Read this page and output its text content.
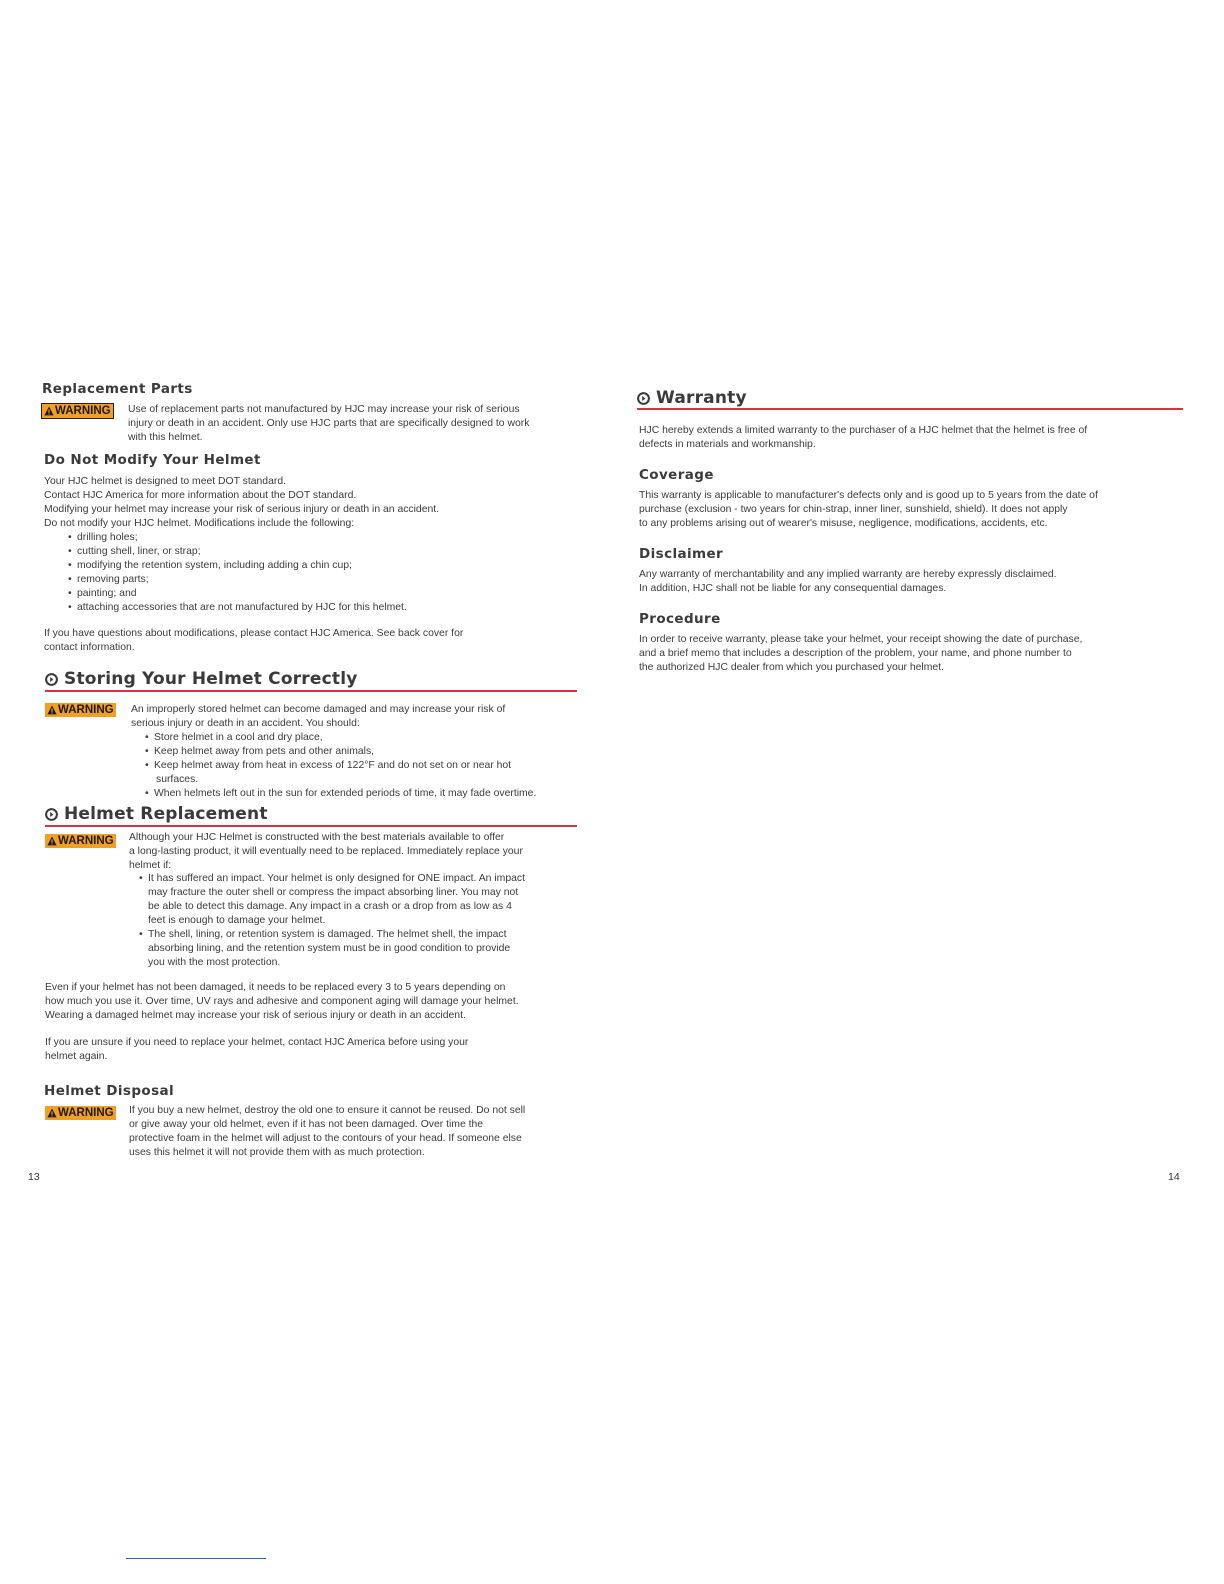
Replacement Parts
WARNING Use of replacement parts not manufactured by HJC may increase your risk of serious
injury or death in an accident. Only use HJC parts that are specifically designed to work
with this helmet.
Do Not Modify Your Helmet
Your HJC helmet is designed to meet DOT standard.
Contact HJC America for more information about the DOT standard.
Modifying your helmet may increase your risk of serious injury or death in an accident.
Do not modify your HJC helmet. Modifications include the following:
• drilling holes;
• cutting shell, liner, or strap;
• modifying the retention system, including adding a chin cup;
• removing parts;
• painting; and
• attaching accessories that are not manufactured by HJC for this helmet.
If you have questions about modifications, please contact HJC America. See back cover for
contact information.
Storing Your Helmet Correctly
WARNING An improperly stored helmet can become damaged and may increase your risk of
serious injury or death in an accident. You should:
• Store helmet in a cool and dry place,
• Keep helmet away from pets and other animals,
• Keep helmet away from heat in excess of 122°F and do not set on or near hot
surfaces.
• When helmets left out in the sun for extended periods of time, it may fade overtime.
Helmet Replacement
WARNING Although your HJC Helmet is constructed with the best materials available to offer
a long-lasting product, it will eventually need to be replaced. Immediately replace your
helmet if:
• It has suffered an impact. Your helmet is only designed for ONE impact. An impact
may fracture the outer shell or compress the impact absorbing liner. You may not
be able to detect this damage. Any impact in a crash or a drop from as low as 4
feet is enough to damage your helmet.
• The shell, lining, or retention system is damaged. The helmet shell, the impact
absorbing lining, and the retention system must be in good condition to provide
you with the most protection.
Even if your helmet has not been damaged, it needs to be replaced every 3 to 5 years depending on
how much you use it. Over time, UV rays and adhesive and component aging will damage your helmet.
Wearing a damaged helmet may increase your risk of serious injury or death in an accident.
If you are unsure if you need to replace your helmet, contact HJC America before using your
helmet again.
Helmet Disposal
WARNING If you buy a new helmet, destroy the old one to ensure it cannot be reused. Do not sell
or give away your old helmet, even if it has not been damaged. Over time the
protective foam in the helmet will adjust to the contours of your head. If someone else
uses this helmet it will not provide them with as much protection.
13
Warranty
HJC hereby extends a limited warranty to the purchaser of a HJC helmet that the helmet is free of
defects in materials and workmanship.
Coverage
This warranty is applicable to manufacturer's defects only and is good up to 5 years from the date of
purchase (exclusion - two years for chin-strap, inner liner, sunshield, shield). It does not apply
to any problems arising out of wearer's misuse, negligence, modifications, accidents, etc.
Disclaimer
Any warranty of merchantability and any implied warranty are hereby expressly disclaimed.
In addition, HJC shall not be liable for any consequential damages.
Procedure
In order to receive warranty, please take your helmet, your receipt showing the date of purchase,
and a brief memo that includes a description of the problem, your name, and phone number to
the authorized HJC dealer from which you purchased your helmet.
14
